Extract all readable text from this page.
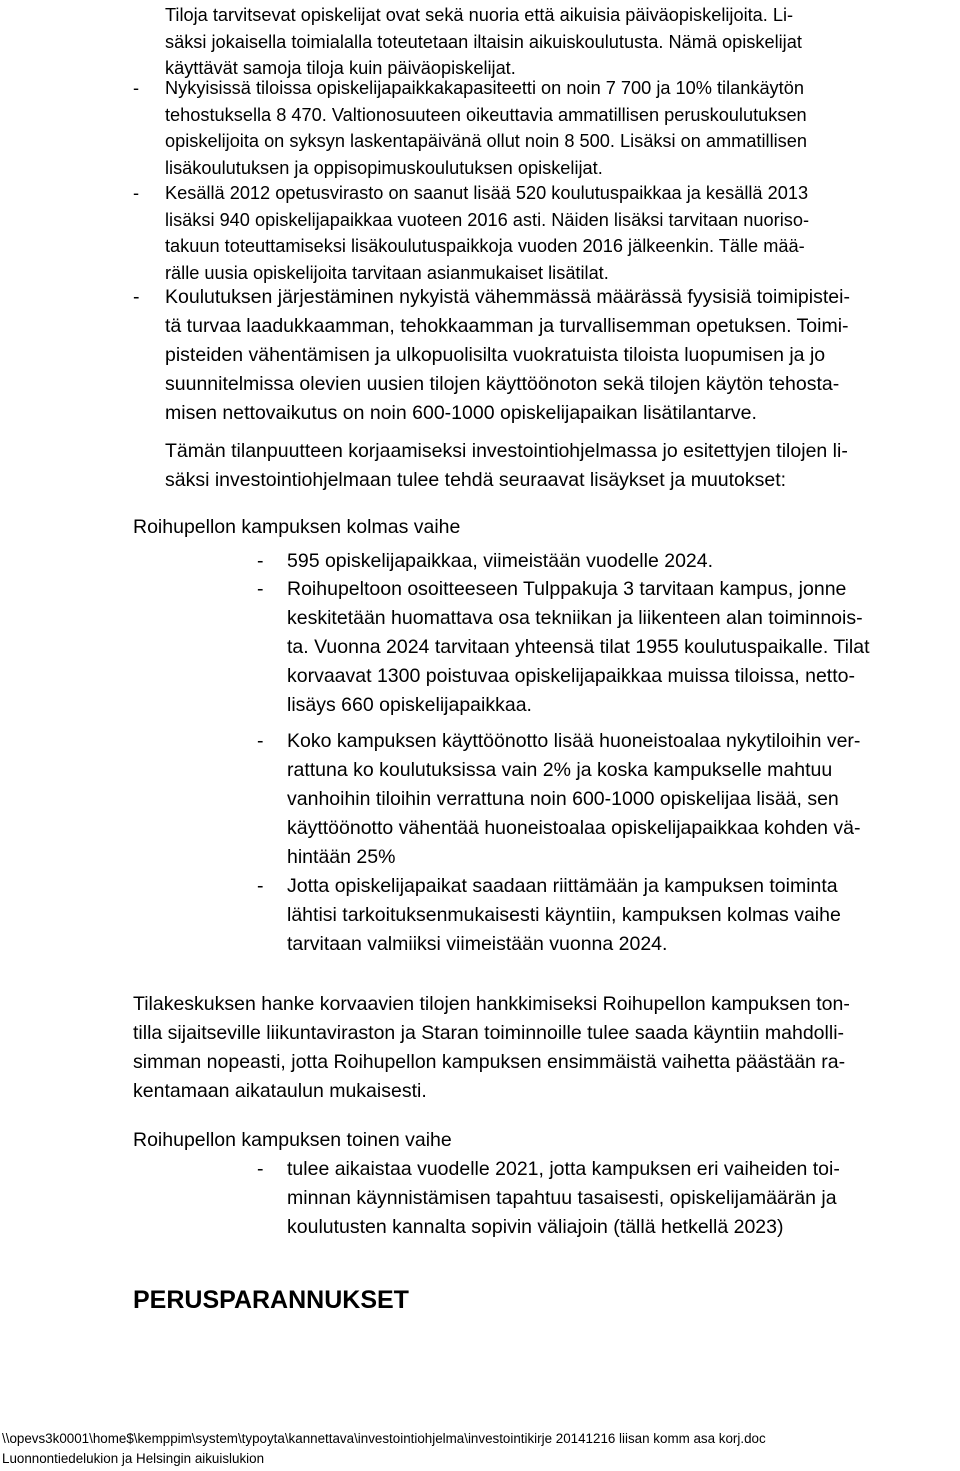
Tiloja tarvitsevat opiskelijat ovat sekä nuoria että aikuisia päiväopiskelijoita. Li-
säksi jokaisella toimialalla toteutetaan iltaisin aikuiskoulutusta. Nämä opiskelijat
käyttävät samoja tiloja kuin päiväopiskelijat.

- Nykyisissä tiloissa opiskelijapaikkakapasiteetti on noin 7 700 ja 10% tilankäytön
tehostuksella 8 470. Valtionosuuteen oikeuttavia ammatillisen peruskoulutuksen
opiskelijoita on syksyn laskentapäivänä ollut noin 8 500. Lisäksi on ammatillisen
lisäkoulutuksen ja oppisopimuskoulutuksen opiskelijat.

- Kesällä 2012 opetusvirasto on saanut lisää 520 koulutuspaikkaa ja kesällä 2013
lisäksi 940 opiskelijapaikkaa vuoteen 2016 asti. Näiden lisäksi tarvitaan nuoriso-
takuun toteuttamiseksi lisäkoulutuspaikkoja vuoden 2016 jälkeenkin. Tälle mää-
rälle uusia opiskelijoita tarvitaan asianmukaiset lisätilat.

- Koulutuksen järjestäminen nykyistä vähemmässä määrässä fyysisiä toimipistei-
tä turvaa laadukkaamman, tehokkaamman ja turvallisemman opetuksen. Toimi-
pisteiden vähentämisen ja ulkopuolisilta vuokratuista tiloista luopumisen ja jo
suunnitelmissa olevien uusien tilojen käyttöönoton sekä tilojen käytön tehosta-
misen nettovaikutus on noin 600-1000 opiskelijapaikan lisätilantarve.

Tämän tilanpuutteen korjaamiseksi investointiohjelmassa jo esitettyjen tilojen li-
säksi investointiohjelmaan tulee tehdä seuraavat lisäykset ja muutokset:

Roihupellon kampuksen kolmas vaihe

- 595 opiskelijapaikkaa, viimeistään vuodelle 2024.

- Roihupeltoon osoitteeseen Tulppakuja 3 tarvitaan kampus, jonne
keskitetään huomattava osa tekniikan ja liikenteen alan toiminnois-
ta. Vuonna 2024 tarvitaan yhteensä tilat 1955 koulutuspaikalle. Tilat
korvaavat 1300 poistuvaa opiskelijapaikkaa muissa tiloissa, netto-
lisäys 660 opiskelijapaikkaa.

- Koko kampuksen käyttöönotto lisää huoneistoalaa nykytiloihin ver-
rattuna ko koulutuksissa vain 2% ja koska kampukselle mahtuu
vanhoihin tiloihin verrattuna noin 600-1000 opiskelijaa lisää, sen
käyttöönotto vähentää huoneistoalaa opiskelijapaikkaa kohden vä-
hintään 25%

- Jotta opiskelijapaikat saadaan riittämään ja kampuksen toiminta
lähtisi tarkoituksenmukaisesti käyntiin, kampuksen kolmas vaihe
tarvitaan valmiiksi viimeistään vuonna 2024.

Tilakeskuksen hanke korvaavien tilojen hankkimiseksi Roihupellon kampuksen ton-
tilla sijaitseville liikuntaviraston ja Staran toiminnoille tulee saada käyntiin mahdolli-
simman nopeasti, jotta Roihupellon kampuksen ensimmäistä vaihetta päästään ra-
kentamaan aikataulun mukaisesti.

Roihupellon kampuksen toinen vaihe

- tulee aikaistaa vuodelle 2021, jotta kampuksen eri vaiheiden toi-
minnan käynnistämisen tapahtuu tasaisesti, opiskelijamäärän ja
koulutusten kannalta sopivin väliajoin (tällä hetkellä 2023)

PERUSPARANNUKSET

\\opevs3k0001\home$\kemppim\system\typoyta\kannettava\investointiohjelma\investointikirje 20141216 liisan komm asa korj.doc

Luonnontiedelukion ja Helsingin aikuislukion
